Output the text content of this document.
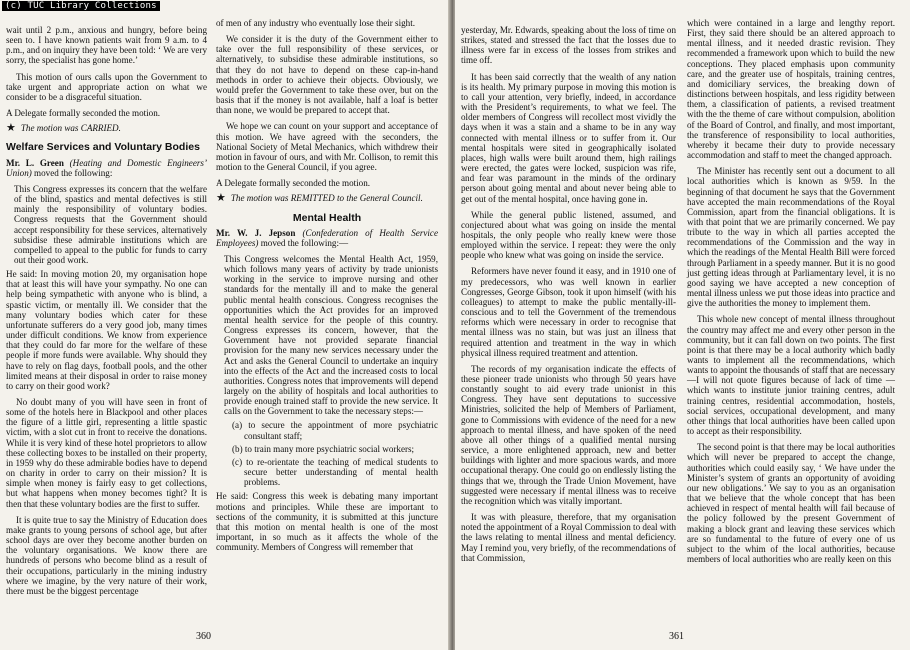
wait until 2 p.m., anxious and hungry, before being seen to. I have known patients wait from 9 a.m. to 4 p.m., and on inquiry they have been told: ‘ We are very sorry, the specialist has gone home.’

This motion of ours calls upon the Government to take urgent and appropriate action on what we consider to be a disgraceful situation.

A Delegate formally seconded the motion.

★ The motion was CARRIED.

Welfare Services and Voluntary Bodies

Mr. L. Green (Heating and Domestic Engineers’ Union) moved the following:

This Congress expresses its concern that the welfare of the blind, spastics and mental defectives is still mainly the responsibility of voluntary bodies. Congress requests that the Government should accept responsibility for these services, alternatively subsidise these admirable institutions which are compelled to appeal to the public for funds to carry out their good work.

He said: In moving motion 20, my organisation hope that at least this will have your sympathy. No one can help being sympathetic with anyone who is blind, a spastic victim, or mentally ill. We consider that the many voluntary bodies which cater for these unfortunate sufferers do a very good job, many times under difficult conditions. We know from experience that they could do far more for the welfare of these people if more funds were available. Why should they have to rely on flag days, football pools, and the other limited means at their disposal in order to raise money to carry on their good work?

No doubt many of you will have seen in front of some of the hotels here in Blackpool and other places the figure of a little girl, representing a little spastic victim, with a slot cut in front to receive the donations. While it is very kind of these hotel proprietors to allow these collecting boxes to be installed on their property, in 1959 why do these admirable bodies have to depend on charity in order to carry on their mission? It is simple when money is fairly easy to get collections, but what happens when money becomes tight? It is then that these voluntary bodies are the first to suffer.

It is quite true to say the Ministry of Education does make grants to young persons of school age, but after school days are over they become another burden on the voluntary organisations. We know there are hundreds of persons who become blind as a result of their occupations, particularly in the mining industry where we imagine, by the very nature of their work, there must be the biggest percentage

of men of any industry who eventually lose their sight.

We consider it is the duty of the Government either to take over the full responsibility of these services, or alternatively, to subsidise these admirable institutions, so that they do not have to depend on these cap-in-hand methods in order to achieve their objects. Obviously, we would prefer the Government to take these over, but on the basis that if the money is not available, half a loaf is better than none, we would be prepared to accept that.

We hope we can count on your support and acceptance of this motion. We have agreed with the seconders, the National Society of Metal Mechanics, which withdrew their motion in favour of ours, and with Mr. Collison, to remit this motion to the General Council, if you agree.

A Delegate formally seconded the motion.

★ The motion was REMITTED to the General Council.

Mental Health

Mr. W. J. Jepson (Confederation of Health Service Employees) moved the following:—

This Congress welcomes the Mental Health Act, 1959, which follows many years of activity by trade unionists working in the service to improve nursing and other standards for the mentally ill and to make the general public mental health conscious. Congress recognises the opportunities which the Act provides for an improved mental health service for the people of this country. Congress expresses its concern, however, that the Government have not provided separate financial provision for the many new services necessary under the Act and asks the General Council to undertake an inquiry into the effects of the Act and the increased costs to local authorities. Congress notes that improvements will depend largely on the ability of hospitals and local authorities to provide enough trained staff to provide the new service. It calls on the Government to take the necessary steps:—

(a) to secure the appointment of more psychiatric consultant staff;

(b) to train many more psychiatric social workers;

(c) to re-orientate the teaching of medical students to secure better understanding of mental health problems.

He said: Congress this week is debating many important motions and principles. While these are important to sections of the community, it is submitted at this juncture that this motion on mental health is one of the most important, in so much as it affects the whole of the community. Members of Congress will remember that

360

yesterday, Mr. Edwards, speaking about the loss of time on strikes, stated and stressed the fact that the losses due to illness were far in excess of the losses from strikes and time off.

It has been said correctly that the wealth of any nation is its health. My primary purpose in moving this motion is to call your attention, very briefly, indeed, in accordance with the President’s requirements, to what we feel. The older members of Congress will recollect most vividly the days when it was a stain and a shame to be in any way connected with mental illness or to suffer from it. Our mental hospitals were sited in geographically isolated places, high walls were built around them, high railings were erected, the gates were locked, suspicion was rife, and fear was paramount in the minds of the ordinary person about going mental and about never being able to get out of the mental hospital, once having gone in.

While the general public listened, assumed, and conjectured about what was going on inside the mental hospitals, the only people who really knew were those employed within the service. I repeat: they were the only people who knew what was going on inside the service.

Reformers have never found it easy, and in 1910 one of my predecessors, who was well known in earlier Congresses, George Gibson, took it upon himself (with his colleagues) to attempt to make the public mentally-ill-conscious and to tell the Government of the tremendous reforms which were necessary in order to recognise that mental illness was no stain, but was just an illness that required attention and treatment in the way in which physical illness required treatment and attention.

The records of my organisation indicate the effects of these pioneer trade unionists who through 50 years have constantly sought to aid every trade unionist in this Congress. They have sent deputations to successive Ministries, solicited the help of Members of Parliament, gone to Commissions with evidence of the need for a new approach to mental illness, and have spoken of the need above all other things of a qualified mental nursing service, a more enlightened approach, new and better buildings with lighter and more spacious wards, and more occupational therapy. One could go on endlessly listing the things that we, through the Trade Union Movement, have suggested were necessary if mental illness was to receive the recognition which was vitally important.

It was with pleasure, therefore, that my organisation noted the appointment of a Royal Commission to deal with the laws relating to mental illness and mental deficiency. May I remind you, very briefly, of the recommendations of that Commission,

which were contained in a large and lengthy report. First, they said there should be an altered approach to mental illness, and it needed drastic revision. They recommended a framework upon which to build the new conceptions. They placed emphasis upon community care, and the greater use of hospitals, training centres, and domiciliary services, the breaking down of distinctions between hospitals, and less rigidity between them, a classification of patients, a revised treatment with the the theme of care without compulsion, abolition of the Board of Control, and finally, and most important, the transference of responsibility to local authorities, whereby it became their duty to provide necessary accommodation and staff to meet the changed approach.

The Minister has recently sent out a document to all local authorities which is known as 9/59. In the beginning of that document he says that the Government have accepted the main recommendations of the Royal Commission, apart from the financial obligations. It is with that point that we are primarily concerned. We pay tribute to the way in which all parties accepted the recommendations of the Commission and the way in which the readings of the Mental Health Bill were forced through Parliament in a speedy manner. But it is no good just getting ideas through at Parliamentary level, it is no good saying we have accepted a new conception of mental illness unless we put those ideas into practice and give the authorities the money to implement them.

This whole new concept of mental illness throughout the country may affect me and every other person in the community, but it can fall down on two points. The first point is that there may be a local authority which badly wants to implement all the recommendations, which wants to appoint the thousands of staff that are necessary—I will not quote figures because of lack of time —which wants to institute junior training centres, adult training centres, residential accommodation, hostels, social services, occupational development, and many other things that local authorities have been called upon to accept as their responsibility.

The second point is that there may be local authorities which will never be prepared to accept the change, authorities which could easily say, ‘ We have under the Minister’s system of grants an opportunity of avoiding our new obligations.’ We say to you as an organisation that we believe that the whole concept that has been achieved in respect of mental health will fail because of the policy followed by the present Government of making a block grant and leaving these services which are so fundamental to the future of every one of us subject to the whim of the local authorities, because members of local authorities who are really keen on this

361
(c) TUC Library Collections
